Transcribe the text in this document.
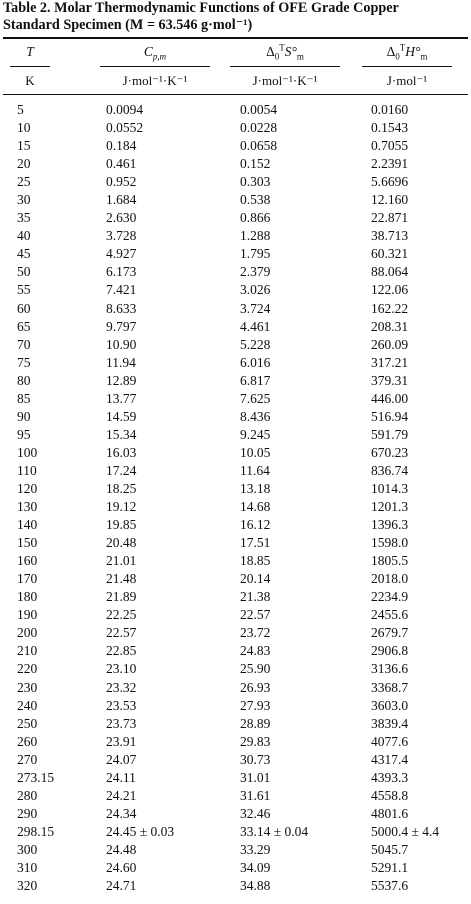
Table 2. Molar Thermodynamic Functions of OFE Grade Copper
Standard Specimen (M = 63.546 g·mol⁻¹)
T	$C_{p,m}$	$\Delta_0^TS^\circ_m$	$\Delta_0^TH^\circ_m$
K	J·mol⁻¹·K⁻¹	J·mol⁻¹·K⁻¹	J·mol⁻¹
5	0.0094	0.0054	0.0160
10	0.0552	0.0228	0.1543
15	0.184	0.0658	0.7055
20	0.461	0.152	2.2391
25	0.952	0.303	5.6696
30	1.684	0.538	12.160
35	2.630	0.866	22.871
40	3.728	1.288	38.713
45	4.927	1.795	60.321
50	6.173	2.379	88.064
55	7.421	3.026	122.06
60	8.633	3.724	162.22
65	9.797	4.461	208.31
70	10.90	5.228	260.09
75	11.94	6.016	317.21
80	12.89	6.817	379.31
85	13.77	7.625	446.00
90	14.59	8.436	516.94
95	15.34	9.245	591.79
100	16.03	10.05	670.23
110	17.24	11.64	836.74
120	18.25	13.18	1014.3
130	19.12	14.68	1201.3
140	19.85	16.12	1396.3
150	20.48	17.51	1598.0
160	21.01	18.85	1805.5
170	21.48	20.14	2018.0
180	21.89	21.38	2234.9
190	22.25	22.57	2455.6
200	22.57	23.72	2679.7
210	22.85	24.83	2906.8
220	23.10	25.90	3136.6
230	23.32	26.93	3368.7
240	23.53	27.93	3603.0
250	23.73	28.89	3839.4
260	23.91	29.83	4077.6
270	24.07	30.73	4317.4
273.15	24.11	31.01	4393.3
280	24.21	31.61	4558.8
290	24.34	32.46	4801.6
298.15	24.45 ± 0.03	33.14 ± 0.04	5000.4 ± 4.4
300	24.48	33.29	5045.7
310	24.60	34.09	5291.1
320	24.71	34.88	5537.6
